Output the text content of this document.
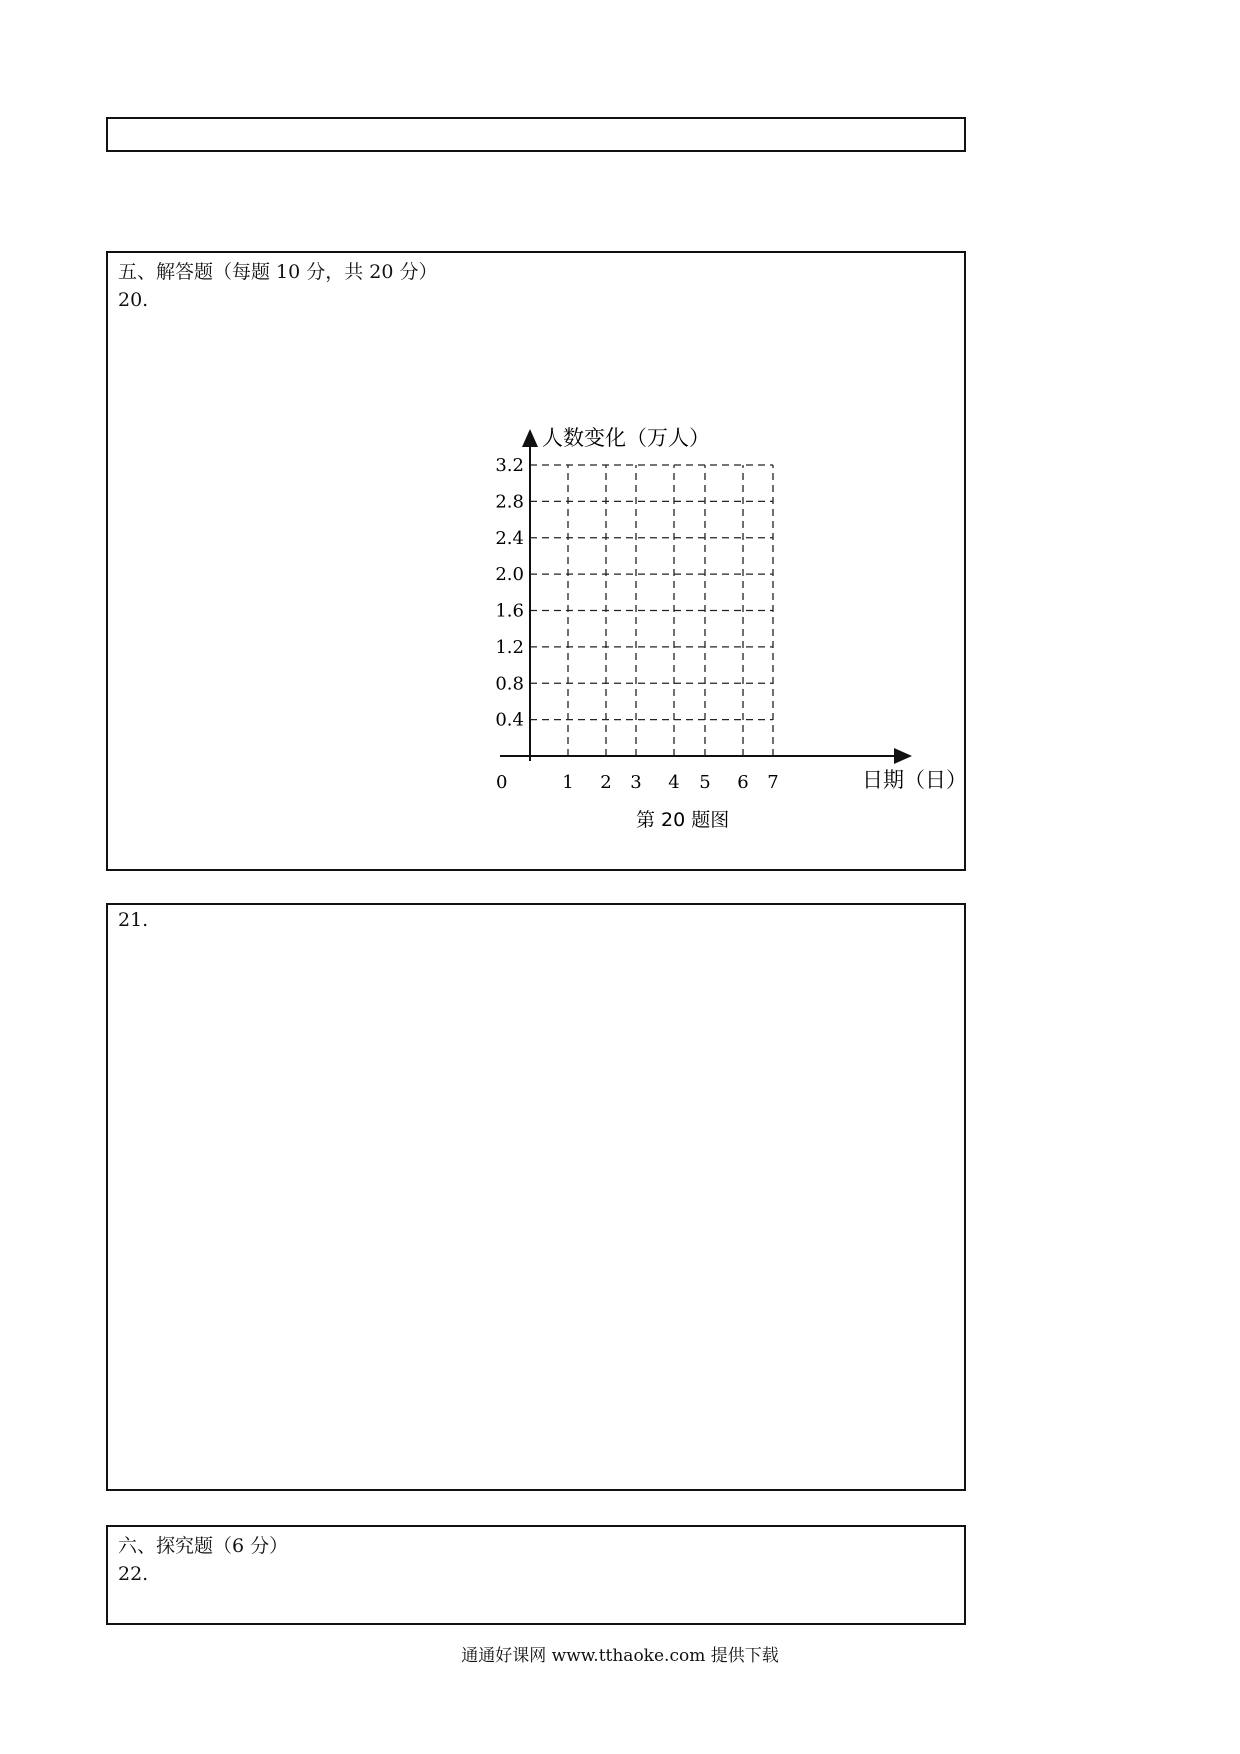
五、解答题（每题 10 分，共 20 分）
20.
0.4
0.8
1.2
1.6
2.0
2.4
2.8
3.2
1 2 3 4 5 6 7
0
人数变化（万人）
日期（日）
第 20 题图
21.
六、探究题（6 分）
22.
通通好课网 www.tthaoke.com 提供下载
